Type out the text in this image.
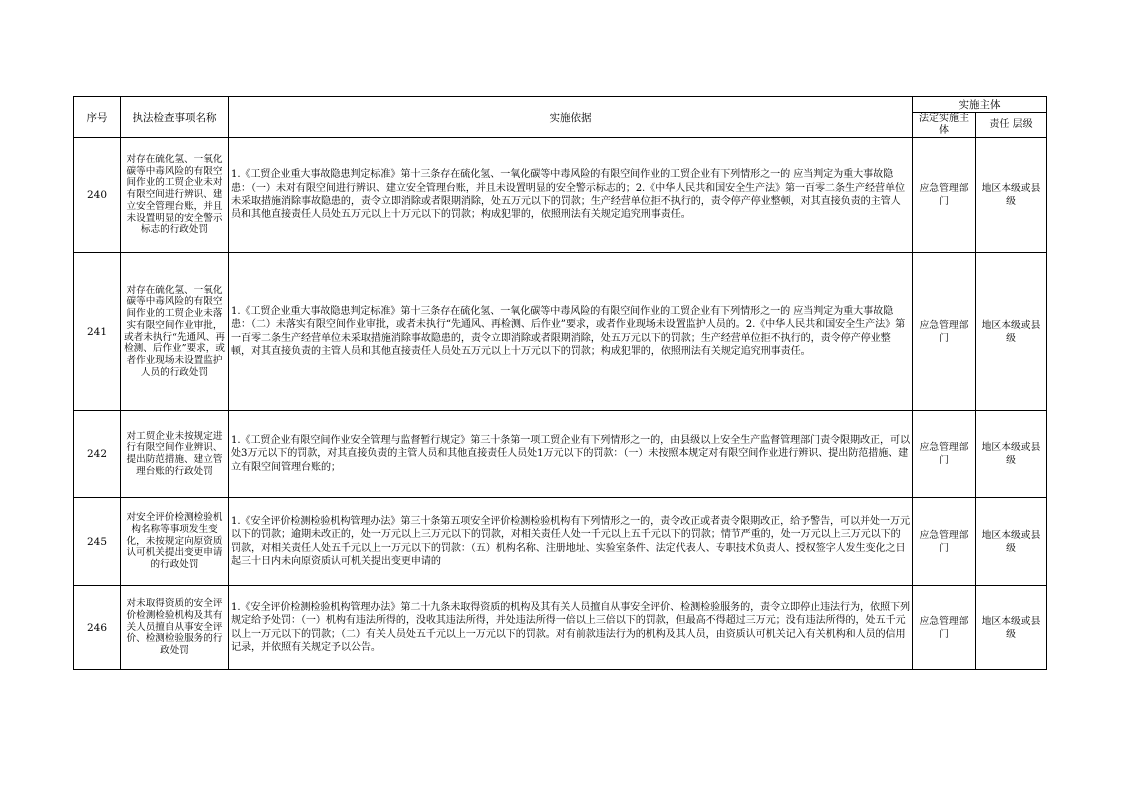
序号	执法检查事项名称	实施依据	实施主体	
			法定实施主体	责任 层级
240	对存在硫化氢、一氧化碳等中毒风险的有限空间作业的工贸企业未对有限空间进行辨识、建立安全管理台账，并且未设置明显的安全警示标志的行政处罚	1.《工贸企业重大事故隐患判定标准》第十三条存在硫化氢、一氧化碳等中毒风险的有限空间作业的工贸企业有下列情形之一的 应当判定为重大事故隐患：（一）未对有限空间进行辨识、建立安全管理台账，并且未设置明显的安全警示标志的；2.《中华人民共和国安全生产法》第一百零二条生产经营单位未采取措施消除事故隐患的，责令立即消除或者限期消除，处五万元以下的罚款；生产经营单位拒不执行的，责令停产停业整顿，对其直接负责的主管人员和其他直接责任人员处五万元以上十万元以下的罚款；构成犯罪的，依照刑法有关规定追究刑事责任。	应急管理部门	地区本级或县级
241	对存在硫化氢、一氧化碳等中毒风险的有限空间作业的工贸企业未落实有限空间作业审批，或者未执行“先通风、再检测、后作业”要求，或者作业现场未设置监护人员的行政处罚	1.《工贸企业重大事故隐患判定标准》第十三条存在硫化氢、一氧化碳等中毒风险的有限空间作业的工贸企业有下列情形之一的 应当判定为重大事故隐患：（二）未落实有限空间作业审批，或者未执行“先通风、再检测、后作业”要求，或者作业现场未设置监护人员的。2.《中华人民共和国安全生产法》第一百零二条生产经营单位未采取措施消除事故隐患的，责令立即消除或者限期消除，处五万元以下的罚款；生产经营单位拒不执行的，责令停产停业整顿，对其直接负责的主管人员和其他直接责任人员处五万元以上十万元以下的罚款；构成犯罪的，依照刑法有关规定追究刑事责任。	应急管理部门	地区本级或县级
242	对工贸企业未按规定进行有限空间作业辨识、提出防范措施、建立管理台账的行政处罚	1.《工贸企业有限空间作业安全管理与监督暂行规定》第三十条第一项工贸企业有下列情形之一的，由县级以上安全生产监督管理部门责令限期改正，可以处3万元以下的罚款，对其直接负责的主管人员和其他直接责任人员处1万元以下的罚款：（一）未按照本规定对有限空间作业进行辨识、提出防范措施、建立有限空间管理台账的；	应急管理部门	地区本级或县级
245	对安全评价检测检验机构名称等事项发生变化，未按规定向原资质认可机关提出变更申请的行政处罚	1.《安全评价检测检验机构管理办法》第三十条第五项安全评价检测检验机构有下列情形之一的，责令改正或者责令限期改正，给予警告，可以并处一万元以下的罚款；逾期未改正的，处一万元以上三万元以下的罚款，对相关责任人处一千元以上五千元以下的罚款；情节严重的，处一万元以上三万元以下的罚款，对相关责任人处五千元以上一万元以下的罚款：（五）机构名称、注册地址、实验室条件、法定代表人、专职技术负责人、授权签字人发生变化之日起三十日内未向原资质认可机关提出变更申请的	应急管理部门	地区本级或县级
246	对未取得资质的安全评价检测检验机构及其有关人员擅自从事安全评价、检测检验服务的行政处罚	1.《安全评价检测检验机构管理办法》第二十九条未取得资质的机构及其有关人员擅自从事安全评价、检测检验服务的，责令立即停止违法行为，依照下列规定给予处罚：（一）机构有违法所得的，没收其违法所得，并处违法所得一倍以上三倍以下的罚款，但最高不得超过三万元；没有违法所得的，处五千元以上一万元以下的罚款；（二）有关人员处五千元以上一万元以下的罚款。对有前款违法行为的机构及其人员，由资质认可机关记入有关机构和人员的信用记录，并依照有关规定予以公告。	应急管理部门	地区本级或县级
